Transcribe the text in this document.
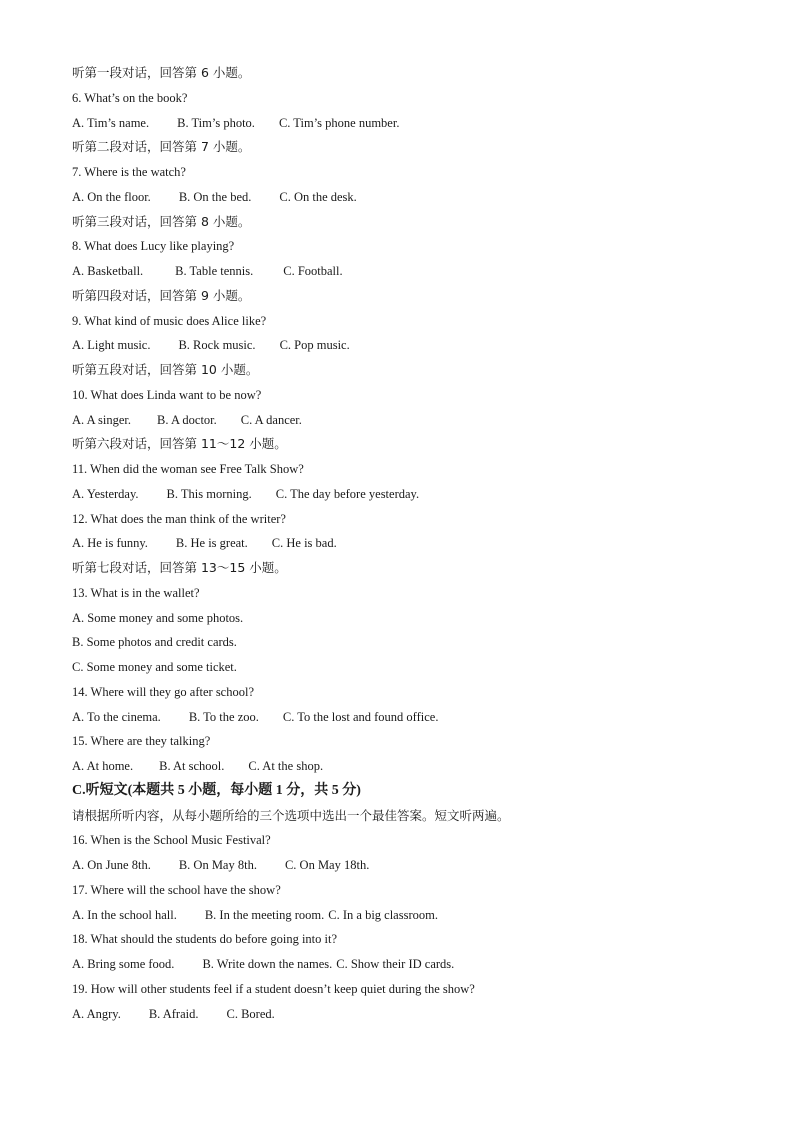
听第一段对话，回答第 6 小题。
6. What’s on the book?
A. Tim’s name. B. Tim’s photo. C. Tim’s phone number.
听第二段对话，回答第 7 小题。
7. Where is the watch?
A. On the floor. B. On the bed. C. On the desk.
听第三段对话，回答第 8 小题。
8. What does Lucy like playing?
A. Basketball.	B. Table tennis. C. Football.
听第四段对话，回答第 9 小题。
9. What kind of music does Alice like?
A. Light music. B. Rock music. C. Pop music.
听第五段对话，回答第 10 小题。
10. What does Linda want to be now?
A. A singer. B. A doctor. C. A dancer.
听第六段对话，回答第 11～12 小题。
11. When did the woman see Free Talk Show?
A. Yesterday. B. This morning. C. The day before yesterday.
12. What does the man think of the writer?
A. He is funny. B. He is great. C. He is bad.
听第七段对话，回答第 13～15 小题。
13. What is in the wallet?
A. Some money and some photos.
B. Some photos and credit cards.
C. Some money and some ticket.
14. Where will they go after school?
A. To the cinema. B. To the zoo. C. To the lost and found office.
15. Where are they talking?
A. At home. B. At school. C. At the shop.
C.听短文(本题共 5 小题，每小题 1 分，共 5 分)
请根据所听内容，从每小题所给的三个选项中选出一个最佳答案。短文听两遍。
16. When is the School Music Festival?
A. On June 8th. B. On May 8th. C. On May 18th.
17. Where will the school have the show?
A. In the school hall. B. In the meeting room. C. In a big classroom.
18. What should the students do before going into it?
A. Bring some food. B. Write down the names. C. Show their ID cards.
19. How will other students feel if a student doesn’t keep quiet during the show?
A. Angry. B. Afraid. C. Bored.
